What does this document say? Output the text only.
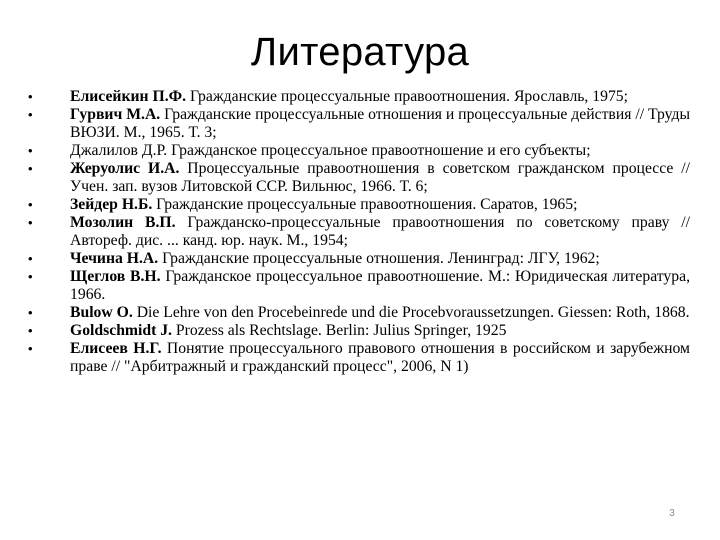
Литература
• Елисейкин П.Ф. Гражданские процессуальные правоотношения. Ярославль, 1975;
• Гурвич М.А. Гражданские процессуальные отношения и процессуальные действия // Труды ВЮЗИ. М., 1965. Т. 3;
• Джалилов Д.Р. Гражданское процессуальное правоотношение и его субъекты;
• Жеруолис И.А. Процессуальные правоотношения в советском гражданском процессе // Учен. зап. вузов Литовской ССР. Вильнюс, 1966. Т. 6;
• Зейдер Н.Б. Гражданские процессуальные правоотношения. Саратов, 1965;
• Мозолин В.П. Гражданско-процессуальные правоотношения по советскому праву // Автореф. дис. ... канд. юр. наук. М., 1954;
• Чечина Н.А. Гражданские процессуальные отношения. Ленинград: ЛГУ, 1962;
• Щеглов В.Н. Гражданское процессуальное правоотношение. М.: Юридическая литература, 1966.
• Bulow O. Die Lehre von den Procebeinrede und die Procebvoraussetzungen. Giessen: Roth, 1868.
• Goldschmidt J. Prozess als Rechtslage. Berlin: Julius Springer, 1925
• Елисеев Н.Г. Понятие процессуального правового отношения в российском и зарубежном праве // "Арбитражный и гражданский процесс", 2006, N 1)
3
